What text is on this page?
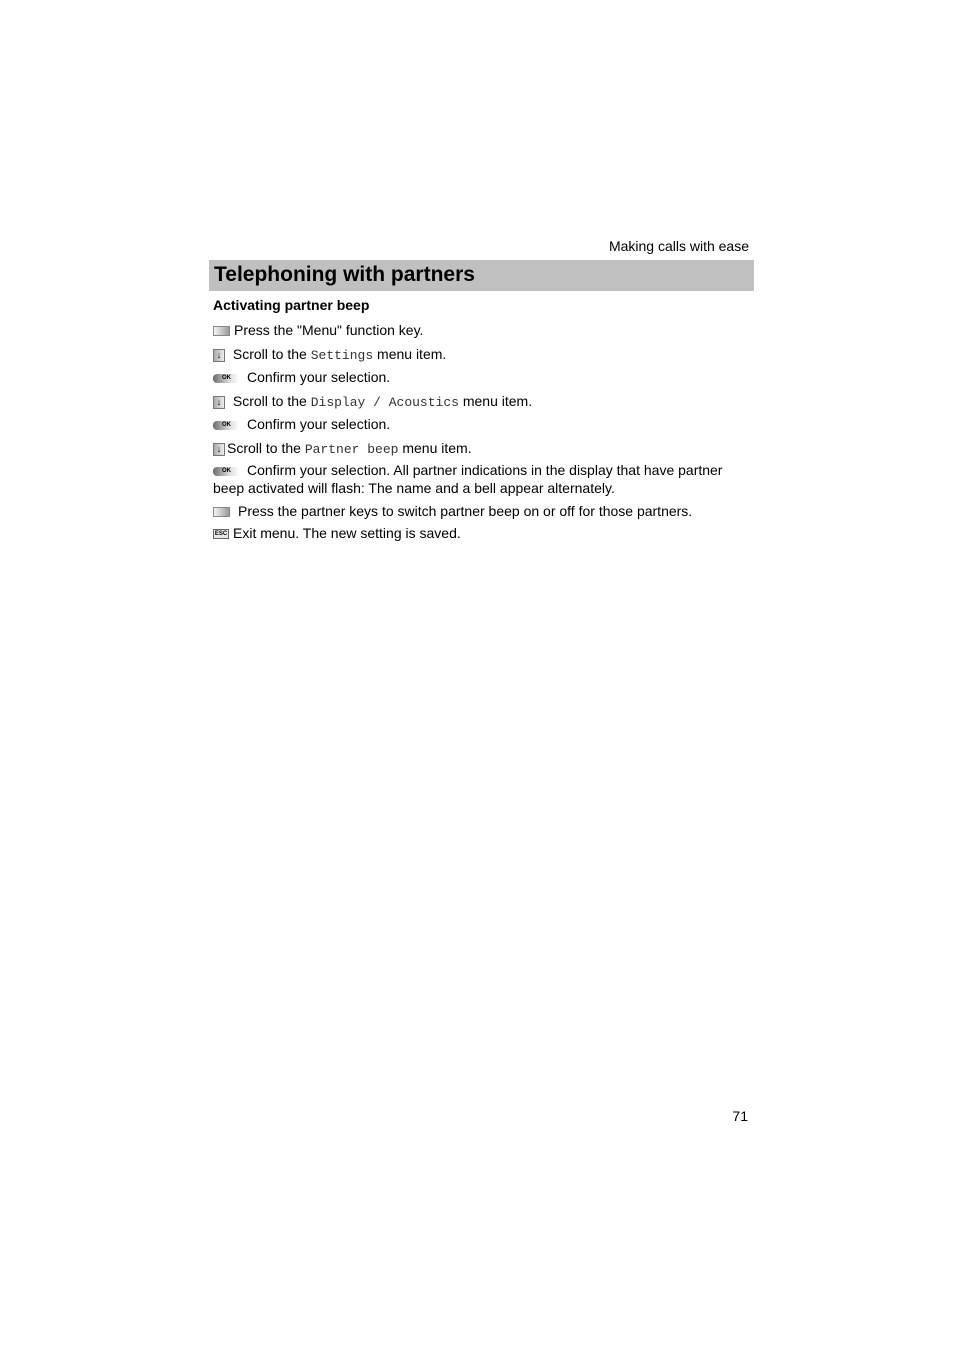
Making calls with ease
Telephoning with partners
Activating partner beep
Press the "Menu" function key.
↓ Scroll to the Settings menu item.
OK Confirm your selection.
↓ Scroll to the Display / Acoustics menu item.
OK Confirm your selection.
↓ Scroll to the Partner beep menu item.
OK Confirm your selection. All partner indications in the display that have partner beep activated will flash: The name and a bell appear alternately.
Press the partner keys to switch partner beep on or off for those partners.
ESC Exit menu. The new setting is saved.
71
